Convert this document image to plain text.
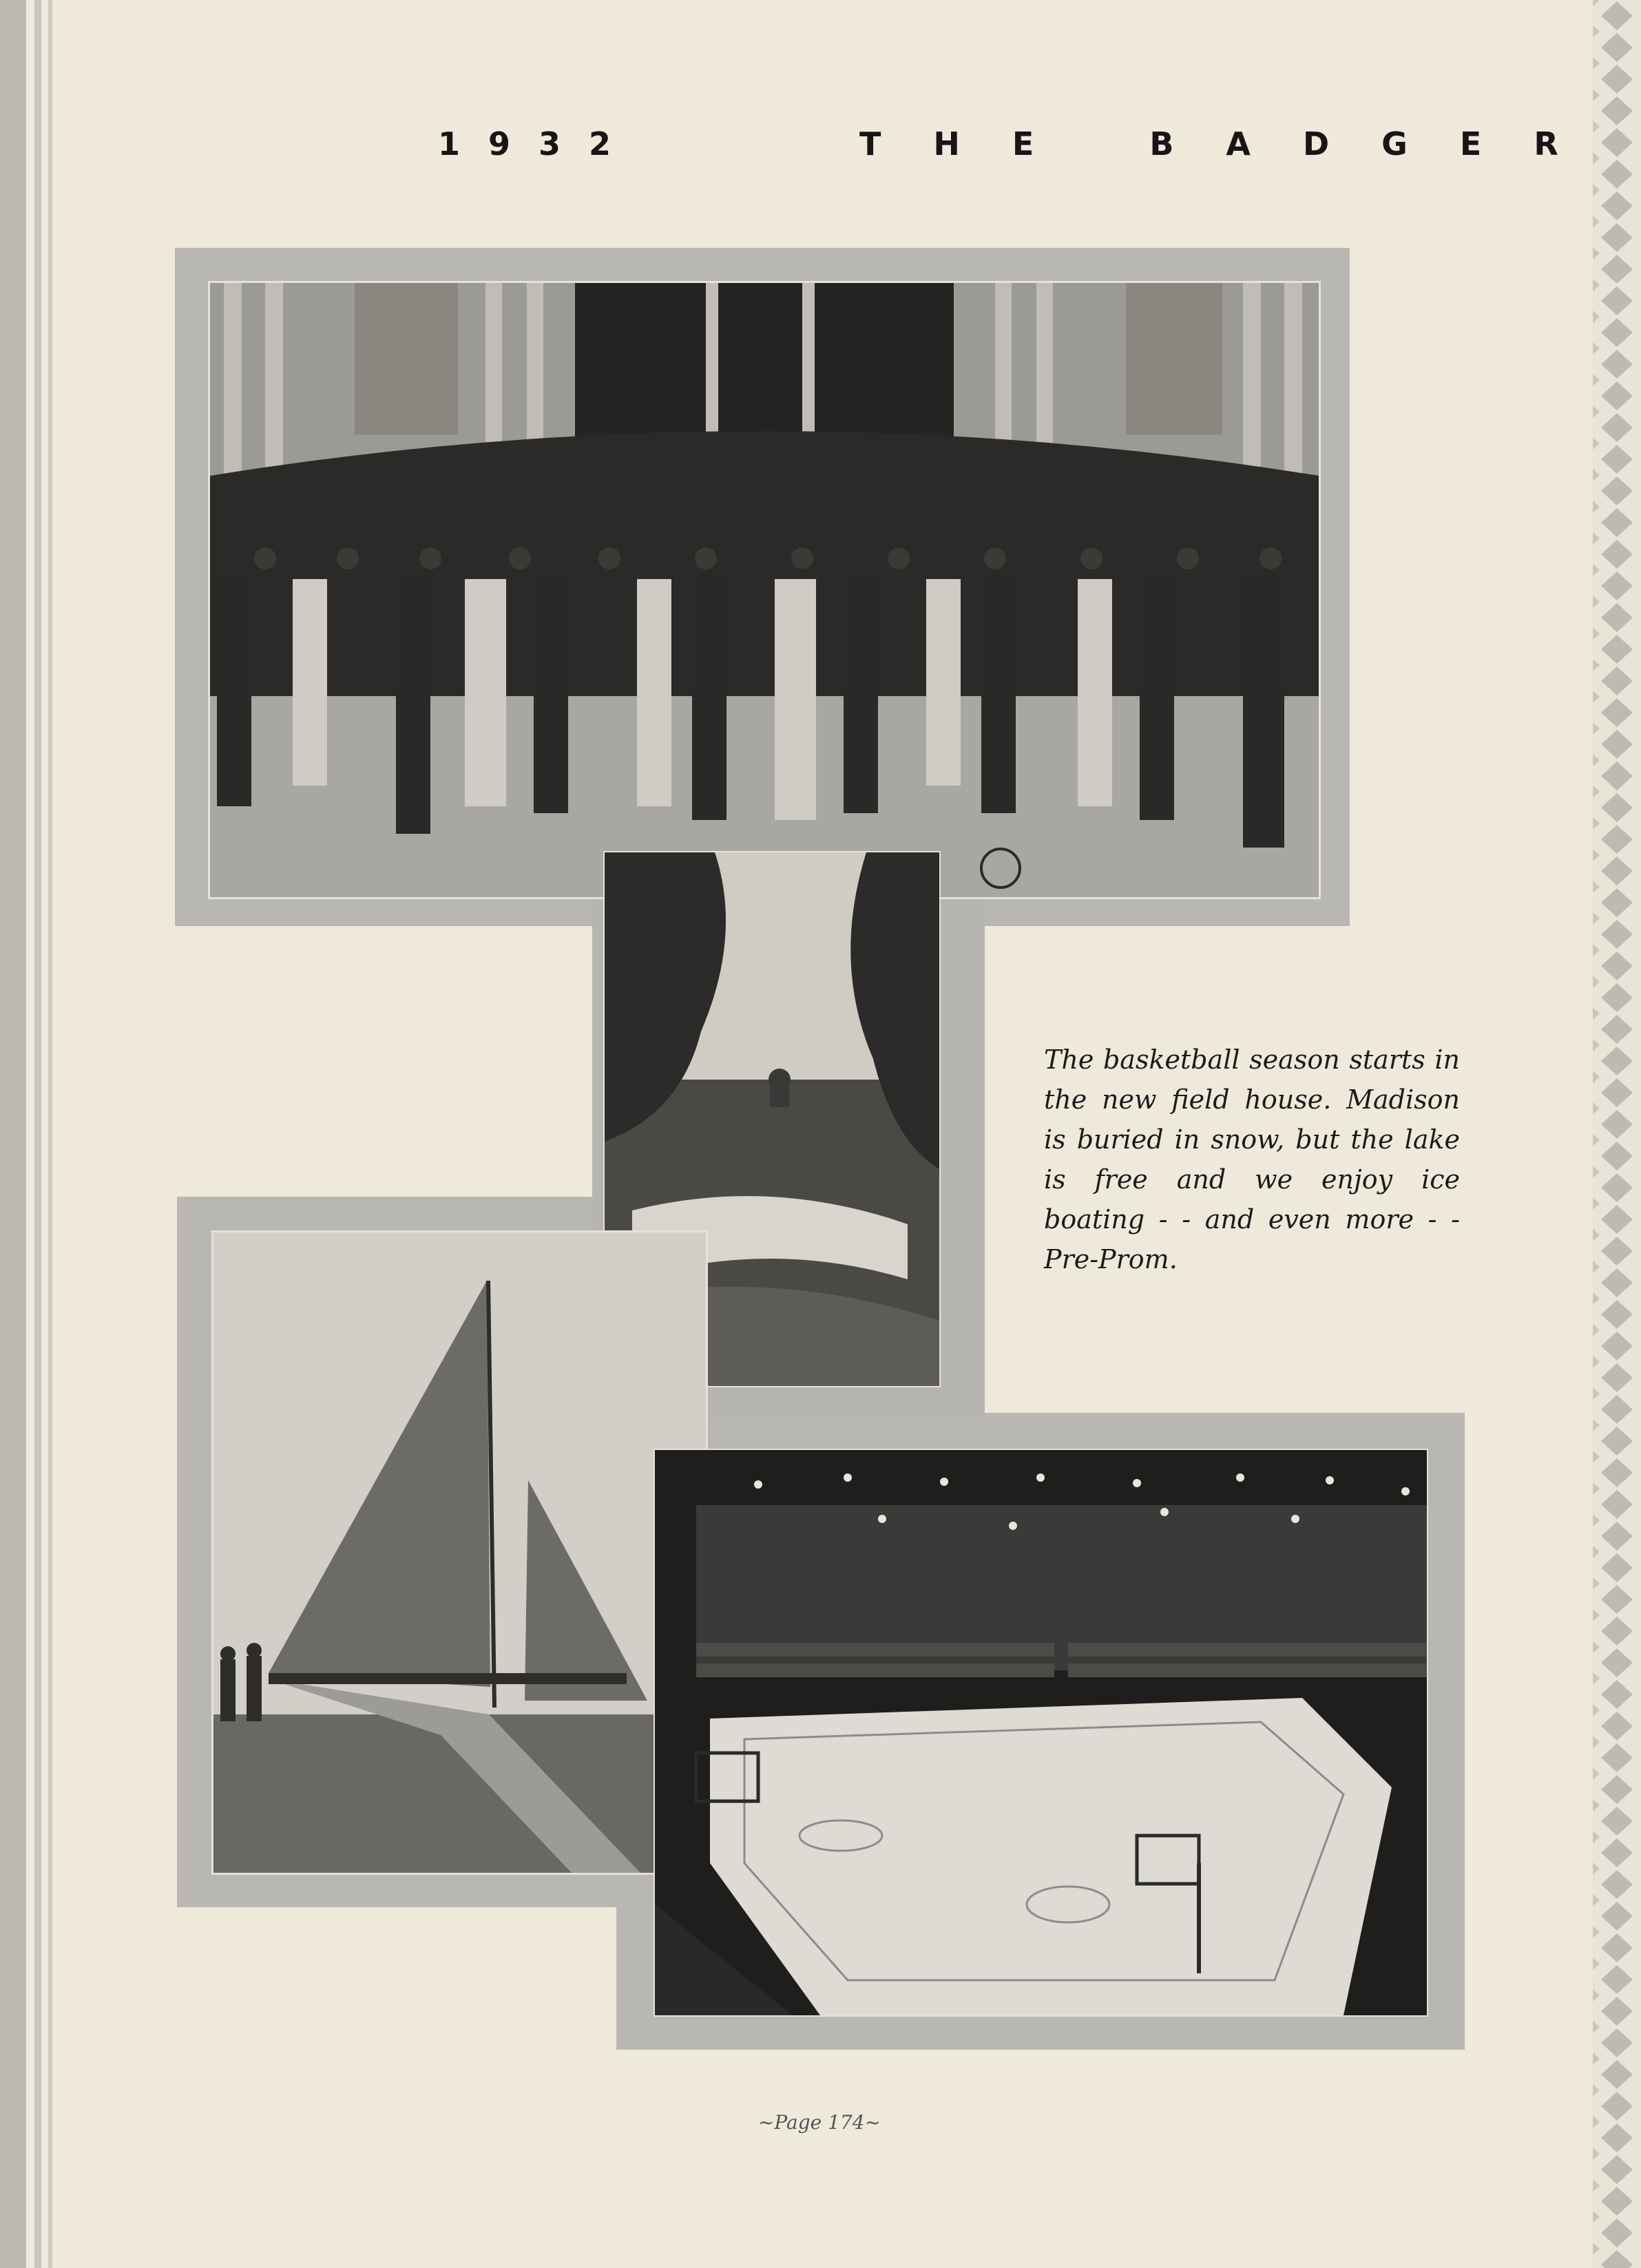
1932	THE BADGER
The basketball season starts in the new field house. Madison is buried in snow, but the lake is free and we enjoy ice boating - - and even more - - Pre-Prom.
~Page 174~
